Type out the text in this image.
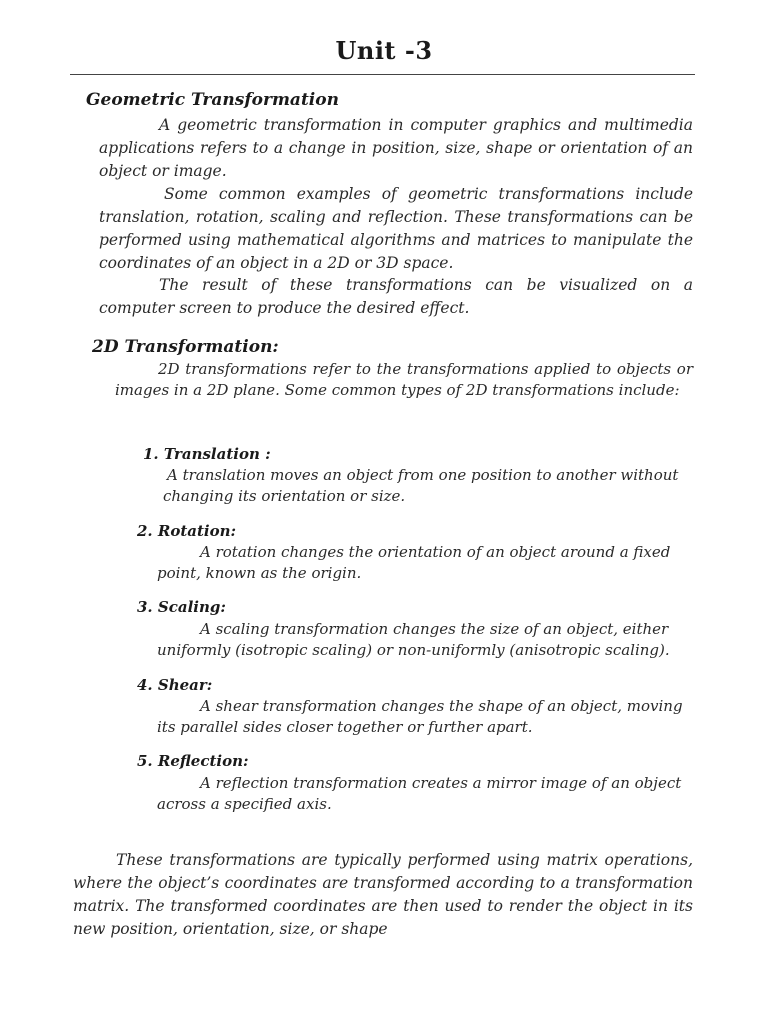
Unit -3
Geometric Transformation

A geometric transformation in computer graphics and multimedia applications refers to a change in position, size, shape or orientation of an object or image.

Some common examples of geometric transformations include translation, rotation, scaling and reflection. These transformations can be performed using mathematical algorithms and matrices to manipulate the coordinates of an object in a 2D or 3D space.

The result of these transformations can be visualized on a computer screen to produce the desired effect.

2D Transformation:

2D transformations refer to the transformations applied to objects or images in a 2D plane. Some common types of 2D transformations include:

1. Translation :

A translation moves an object from one position to another without changing its orientation or size.

2. Rotation:

A rotation changes the orientation of an object around a fixed point, known as the origin.

3. Scaling:

A scaling transformation changes the size of an object, either uniformly (isotropic scaling) or non-uniformly (anisotropic scaling).

4. Shear:

A shear transformation changes the shape of an object, moving its parallel sides closer together or further apart.

5. Reflection:

A reflection transformation creates a mirror image of an object across a specified axis.

These transformations are typically performed using matrix operations, where the object’s coordinates are transformed according to a transformation matrix. The transformed coordinates are then used to render the object in its new position, orientation, size, or shape
